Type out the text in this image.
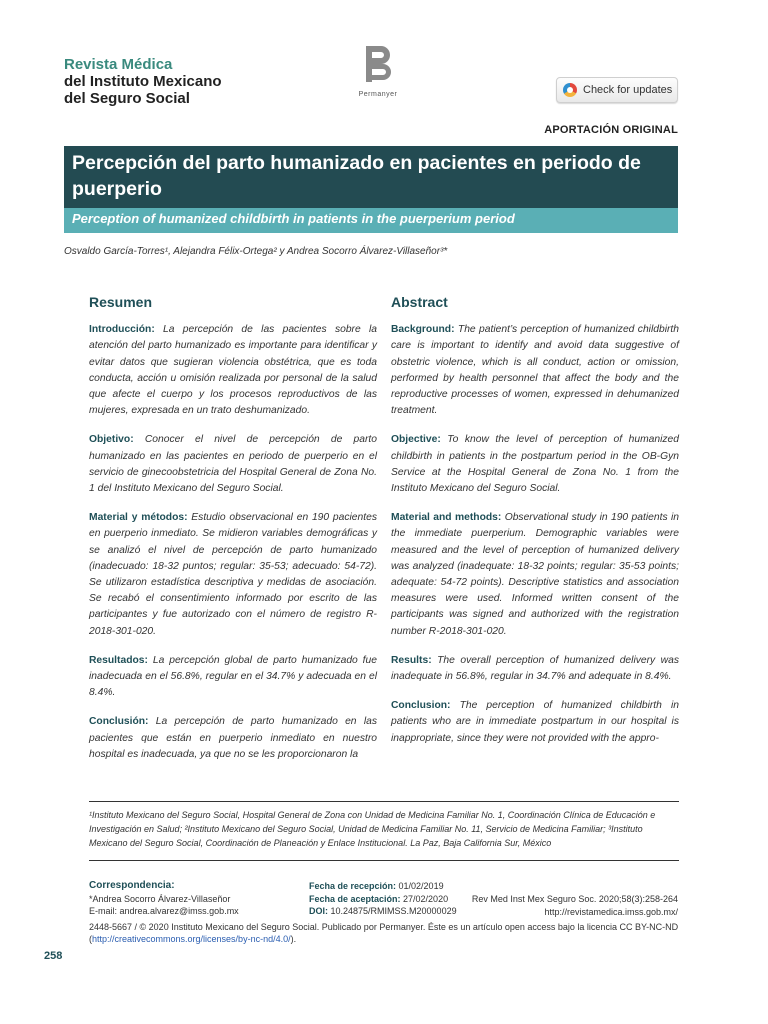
Revista Médica
del Instituto Mexicano
del Seguro Social	Permanyer	Check for updates
APORTACIÓN ORIGINAL
Percepción del parto humanizado en pacientes en periodo de puerperio
Perception of humanized childbirth in patients in the puerperium period
Osvaldo García-Torres¹, Alejandra Félix-Ortega² y Andrea Socorro Álvarez-Villaseñor³*
Resumen

Introducción: La percepción de las pacientes sobre la atención del parto humanizado es importante para identificar y evitar datos que sugieran violencia obstétrica, que es toda conducta, acción u omisión realizada por personal de la salud que afecte el cuerpo y los procesos reproductivos de las mujeres, expresada en un trato deshumanizado.

Objetivo: Conocer el nivel de percepción de parto humanizado en las pacientes en periodo de puerperio en el servicio de ginecoobstetricia del Hospital General de Zona No. 1 del Instituto Mexicano del Seguro Social.

Material y métodos: Estudio observacional en 190 pacientes en puerperio inmediato. Se midieron variables demográficas y se analizó el nivel de percepción de parto humanizado (inadecuado: 18-32 puntos; regular: 35-53; adecuado: 54-72). Se utilizaron estadística descriptiva y medidas de asociación. Se recabó el consentimiento informado por escrito de las participantes y fue autorizado con el número de registro R-2018-301-020.

Resultados: La percepción global de parto humanizado fue inadecuada en el 56.8%, regular en el 34.7% y adecuada en el 8.4%.

Conclusión: La percepción de parto humanizado en las pacientes que están en puerperio inmediato en nuestro hospital es inadecuada, ya que no se les proporcionaron la

Abstract

Background: The patient’s perception of humanized childbirth care is important to identify and avoid data suggestive of obstetric violence, which is all conduct, action or omission, performed by health personnel that affect the body and the reproductive processes of women, expressed in dehumanized treatment.

Objective: To know the level of perception of humanized childbirth in patients in the postpartum period in the OB-Gyn Service at the Hospital General de Zona No. 1 from the Instituto Mexicano del Seguro Social.

Material and methods: Observational study in 190 patients in the immediate puerperium. Demographic variables were measured and the level of perception of humanized delivery was analyzed (inadequate: 18-32 points; regular: 35-53 points; adequate: 54-72 points). Descriptive statistics and association measures were used. Informed written consent of the participants was signed and authorized with the registration number R-2018-301-020.

Results: The overall perception of humanized delivery was inadequate in 56.8%, regular in 34.7% and adequate in 8.4%.

Conclusion: The perception of humanized childbirth in patients who are in immediate postpartum in our hospital is inappropriate, since they were not provided with the appro-

¹Instituto Mexicano del Seguro Social, Hospital General de Zona con Unidad de Medicina Familiar No. 1, Coordinación Clínica de Educación e Investigación en Salud; ²Instituto Mexicano del Seguro Social, Unidad de Medicina Familiar No. 11, Servicio de Medicina Familiar; ³Instituto Mexicano del Seguro Social, Coordinación de Planeación y Enlace Institucional. La Paz, Baja California Sur, México
Correspondencia:
*Andrea Socorro Álvarez-Villaseñor
E-mail: andrea.alvarez@imss.gob.mx
Fecha de recepción: 01/02/2019
Fecha de aceptación: 27/02/2020
DOI: 10.24875/RMIMSS.M20000029
Rev Med Inst Mex Seguro Soc. 2020;58(3):258-264
http://revistamedica.imss.gob.mx/
2448-5667 / © 2020 Instituto Mexicano del Seguro Social. Publicado por Permanyer. Éste es un artículo open access bajo la licencia CC BY-NC-ND (http://creativecommons.org/licenses/by-nc-nd/4.0/).
258
